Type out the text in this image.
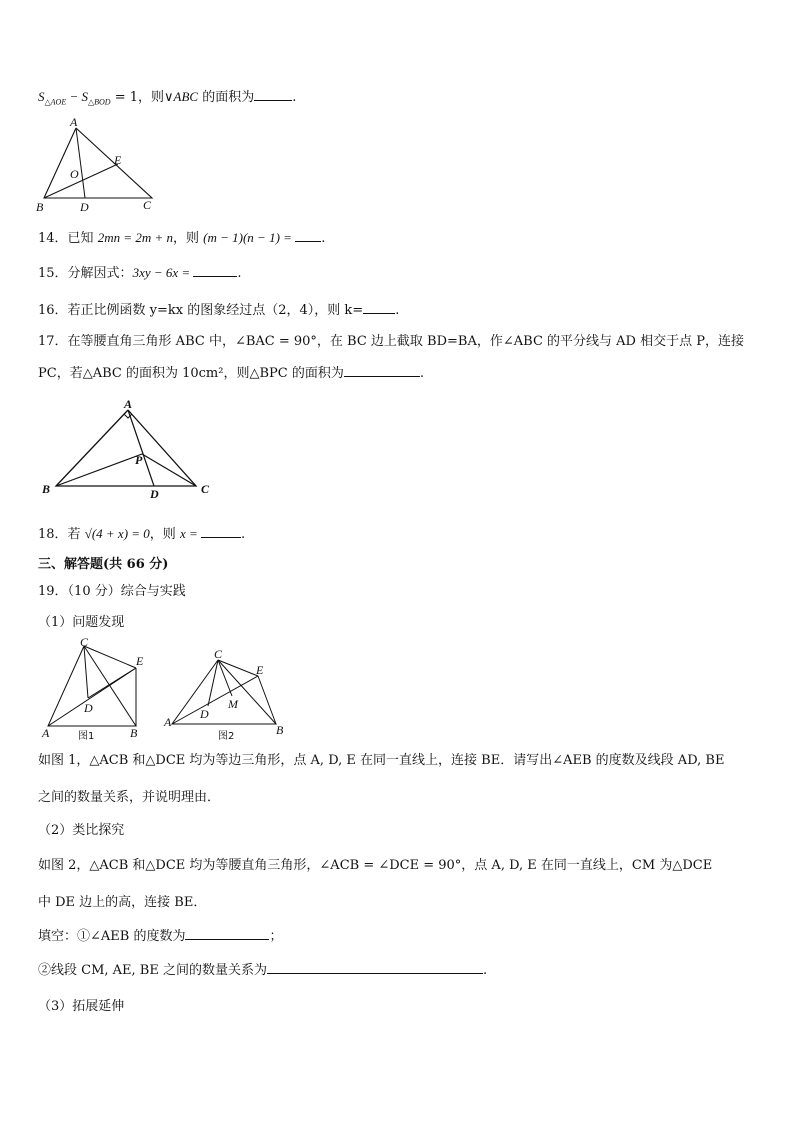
$S_{\triangle AOE} - S_{\triangle BOD} = 1$，则∨ABC 的面积为	.
A
B	C
D
E
O
14．已知 2mn = 2m + n，则 (m − 1)(n − 1) = .
15．分解因式：3xy − 6x =	.
16．若正比例函数 y=kx 的图象经过点（2，4），则 k= .
17．在等腰直角三角形 ABC 中，∠BAC = 90°，在 BC 边上截取 BD=BA，作∠ABC 的平分线与 AD 相交于点 P，连接
PC，若△ABC 的面积为 10cm²，则△BPC 的面积为	.
A
B	C
D
P
18．若 √(4 + x) = 0，则 x =	.
三、解答题(共 66 分)
19．（10 分）综合与实践
（1）问题发现
C
E
D
A	B
图1
C
E
D
M
A
B
图2
如图 1，△ACB 和△DCE 均为等边三角形，点 A, D, E 在同一直线上，连接 BE．请写出∠AEB 的度数及线段 AD, BE
之间的数量关系，并说明理由．
（2）类比探究
如图 2，△ACB 和△DCE 均为等腰直角三角形，∠ACB = ∠DCE = 90°，点 A, D, E 在同一直线上，CM 为△DCE
中 DE 边上的高，连接 BE．
填空：①∠AEB 的度数为	；
②线段 CM, AE, BE 之间的数量关系为	.
（3）拓展延伸
